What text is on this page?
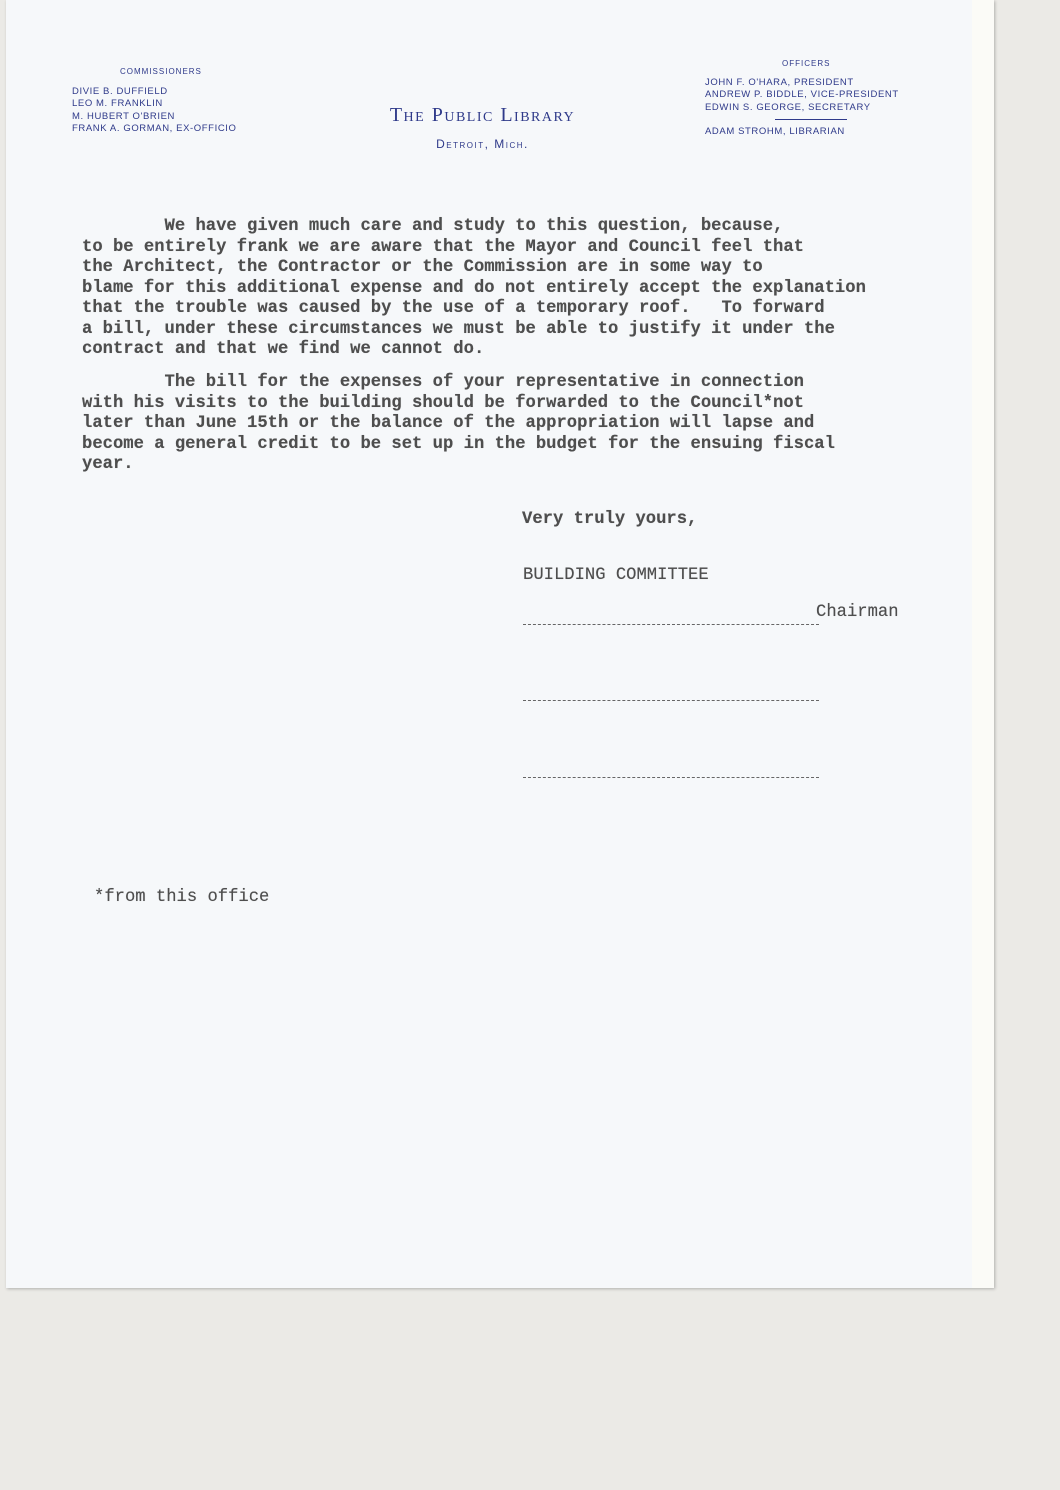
COMMISSIONERS
DIVIE B. DUFFIELD
LEO M. FRANKLIN
M. HUBERT O'BRIEN
FRANK A. GORMAN, EX-OFFICIO
The Public Library
Detroit, Mich.
OFFICERS
JOHN F. O'HARA, PRESIDENT
ANDREW P. BIDDLE, VICE-PRESIDENT
EDWIN S. GEORGE, SECRETARY
ADAM STROHM, LIBRARIAN
We have given much care and study to this question, because,
to be entirely frank we are aware that the Mayor and Council feel that
the Architect, the Contractor or the Commission are in some way to
blame for this additional expense and do not entirely accept the explanation
that the trouble was caused by the use of a temporary roof.   To forward
a bill, under these circumstances we must be able to justify it under the
contract and that we find we cannot do.
The bill for the expenses of your representative in connection
with his visits to the building should be forwarded to the Council*not
later than June 15th or the balance of the appropriation will lapse and
become a general credit to be set up in the budget for the ensuing fiscal
year.
Very truly yours,
BUILDING COMMITTEE
Chairman
*from this office
